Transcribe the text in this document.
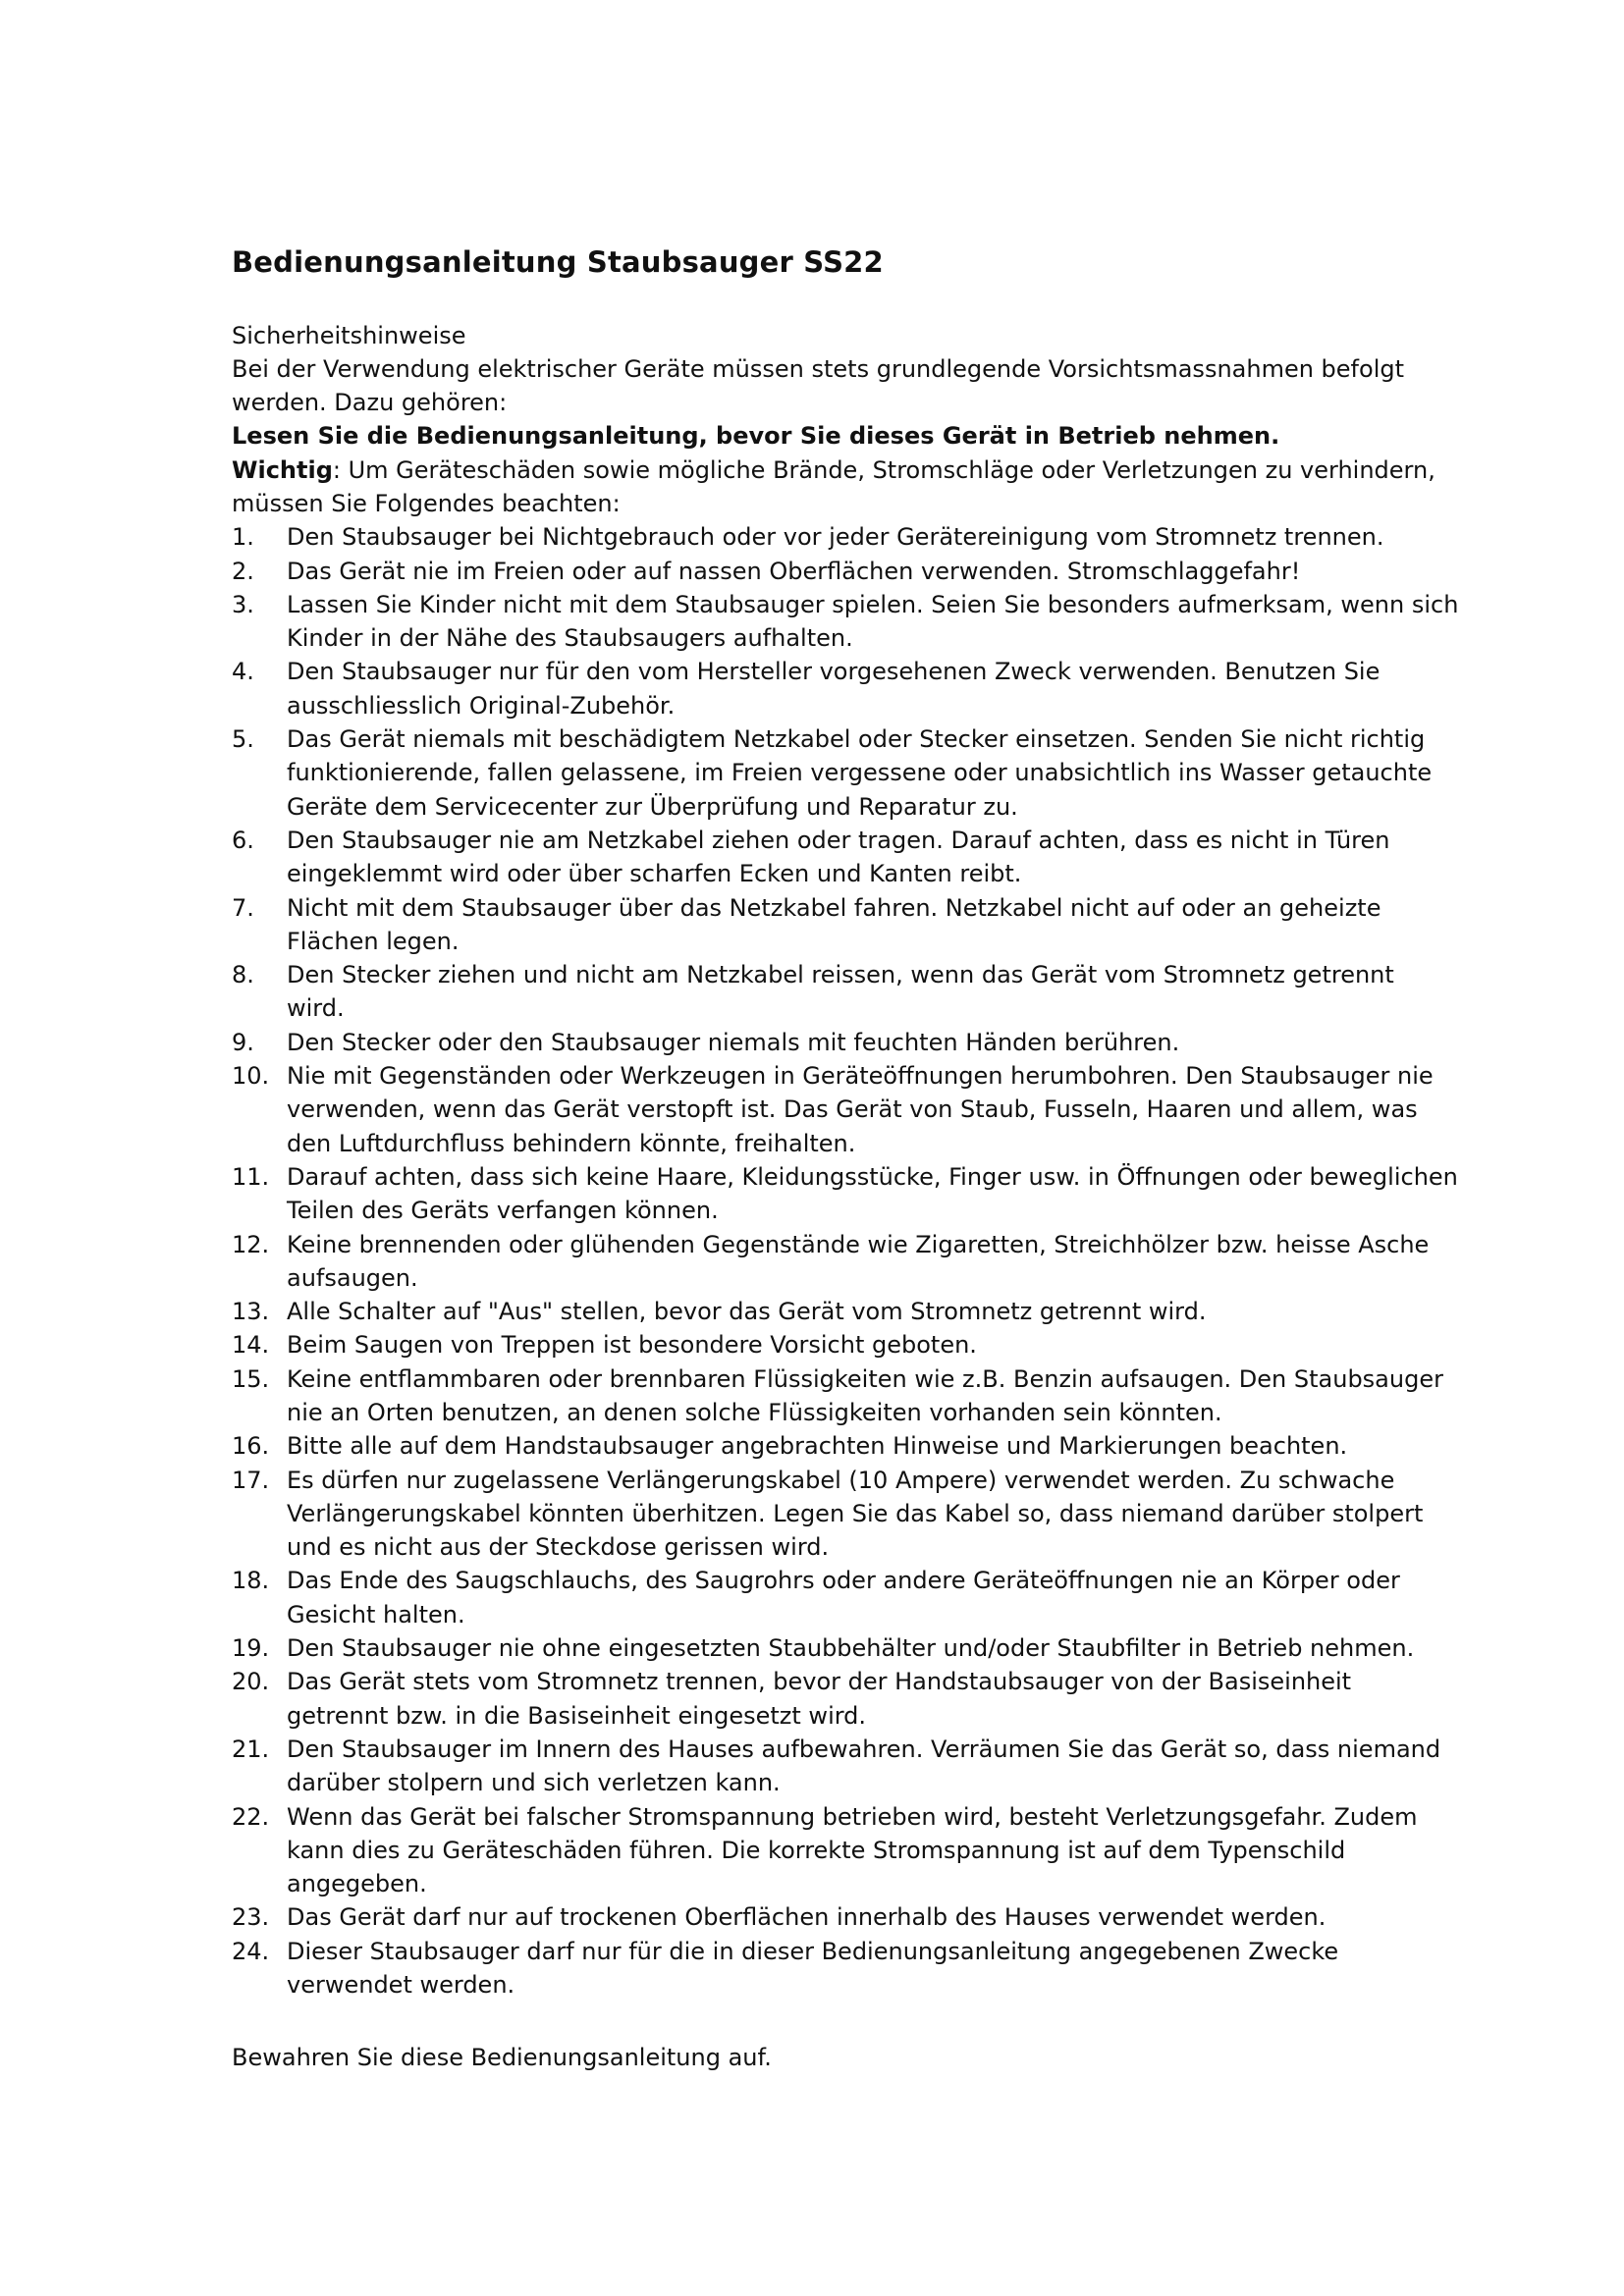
Bedienungsanleitung Staubsauger SS22
Sicherheitshinweise

Bei der Verwendung elektrischer Geräte müssen stets grundlegende Vorsichtsmassnahmen befolgt werden. Dazu gehören:

Lesen Sie die Bedienungsanleitung, bevor Sie dieses Gerät in Betrieb nehmen.

Wichtig: Um Geräteschäden sowie mögliche Brände, Stromschläge oder Verletzungen zu verhindern, müssen Sie Folgendes beachten:

1.	Den Staubsauger bei Nichtgebrauch oder vor jeder Gerätereinigung vom Stromnetz trennen.
2.	Das Gerät nie im Freien oder auf nassen Oberflächen verwenden. Stromschlaggefahr!
3.	Lassen Sie Kinder nicht mit dem Staubsauger spielen. Seien Sie besonders aufmerksam, wenn sich Kinder in der Nähe des Staubsaugers aufhalten.
4.	Den Staubsauger nur für den vom Hersteller vorgesehenen Zweck verwenden. Benutzen Sie ausschliesslich Original-Zubehör.
5.	Das Gerät niemals mit beschädigtem Netzkabel oder Stecker einsetzen. Senden Sie nicht richtig funktionierende, fallen gelassene, im Freien vergessene oder unabsichtlich ins Wasser getauchte Geräte dem Servicecenter zur Überprüfung und Reparatur zu.
6.	Den Staubsauger nie am Netzkabel ziehen oder tragen. Darauf achten, dass es nicht in Türen eingeklemmt wird oder über scharfen Ecken und Kanten reibt.
7.	Nicht mit dem Staubsauger über das Netzkabel fahren. Netzkabel nicht auf oder an geheizte Flächen legen.
8.	Den Stecker ziehen und nicht am Netzkabel reissen, wenn das Gerät vom Stromnetz getrennt wird.
9.	Den Stecker oder den Staubsauger niemals mit feuchten Händen berühren.
10. Nie mit Gegenständen oder Werkzeugen in Geräteöffnungen herumbohren. Den Staubsauger nie verwenden, wenn das Gerät verstopft ist. Das Gerät von Staub, Fusseln, Haaren und allem, was den Luftdurchfluss behindern könnte, freihalten.
11. Darauf achten, dass sich keine Haare, Kleidungsstücke, Finger usw. in Öffnungen oder beweglichen Teilen des Geräts verfangen können.
12. Keine brennenden oder glühenden Gegenstände wie Zigaretten, Streichhölzer bzw. heisse Asche aufsaugen.
13. Alle Schalter auf "Aus" stellen, bevor das Gerät vom Stromnetz getrennt wird.
14. Beim Saugen von Treppen ist besondere Vorsicht geboten.
15. Keine entflammbaren oder brennbaren Flüssigkeiten wie z.B. Benzin aufsaugen. Den Staubsauger nie an Orten benutzen, an denen solche Flüssigkeiten vorhanden sein könnten.
16. Bitte alle auf dem Handstaubsauger angebrachten Hinweise und Markierungen beachten.
17. Es dürfen nur zugelassene Verlängerungskabel (10 Ampere) verwendet werden. Zu schwache Verlängerungskabel könnten überhitzen. Legen Sie das Kabel so, dass niemand darüber stolpert und es nicht aus der Steckdose gerissen wird.
18. Das Ende des Saugschlauchs, des Saugrohrs oder andere Geräteöffnungen nie an Körper oder Gesicht halten.
19. Den Staubsauger nie ohne eingesetzten Staubbehälter und/oder Staubfilter in Betrieb nehmen.
20. Das Gerät stets vom Stromnetz trennen, bevor der Handstaubsauger von der Basiseinheit getrennt bzw. in die Basiseinheit eingesetzt wird.
21. Den Staubsauger im Innern des Hauses aufbewahren. Verräumen Sie das Gerät so, dass niemand darüber stolpern und sich verletzen kann.
22. Wenn das Gerät bei falscher Stromspannung betrieben wird, besteht Verletzungsgefahr. Zudem kann dies zu Geräteschäden führen. Die korrekte Stromspannung ist auf dem Typenschild angegeben.
23. Das Gerät darf nur auf trockenen Oberflächen innerhalb des Hauses verwendet werden.
24. Dieser Staubsauger darf nur für die in dieser Bedienungsanleitung angegebenen Zwecke verwendet werden.

Bewahren Sie diese Bedienungsanleitung auf.
